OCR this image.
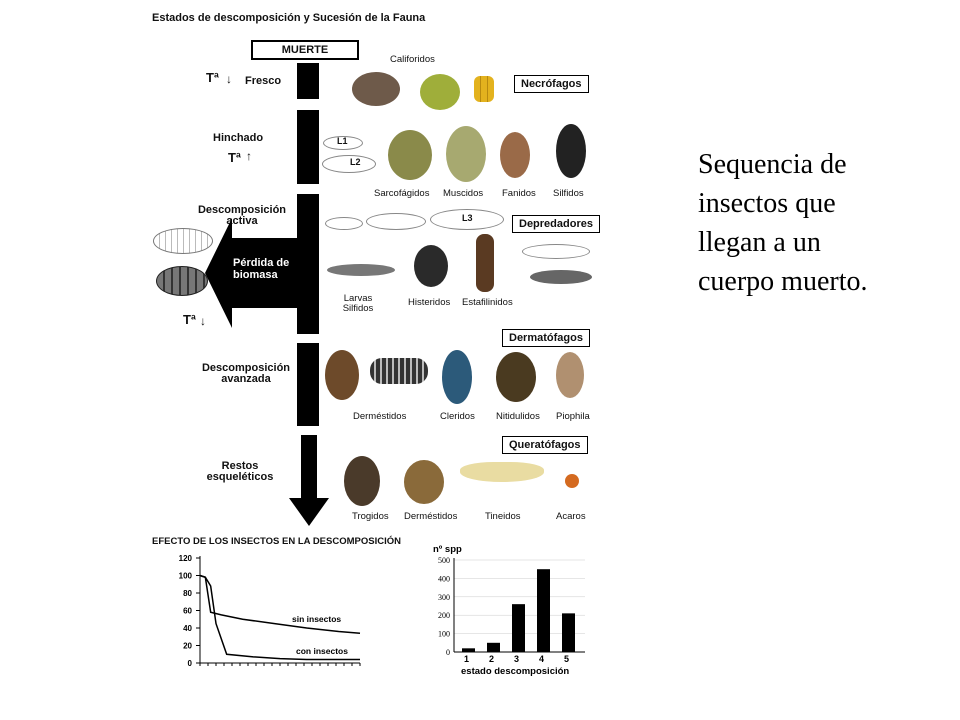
Estados de descomposición y Sucesión de la Fauna
MUERTE
Fresco
Hinchado
Descomposición activa
Descomposición avanzada
Restos esqueléticos
Tª ↓
Tª ↑
Tª ↓
Pérdida de biomasa
Califoridos
Necrófagos
L1
L2
Sarcofágidos Muscidos Fanidos Silfidos
L3	Depredadores
Larvas Silfidos
Histeridos Estafilinidos
Dermatófagos
Derméstidos	Cleridos Nitidulidos Piophila
Queratófagos
Trogidos Derméstidos	Tineidos	Acaros
EFECTO DE LOS INSECTOS EN LA DESCOMPOSICIÓN
120
100
80
60
40
20
0
sin insectos
con insectos
nº spp
500
400
300
200
100
0
1 2 3 4 5
estado descomposición
Sequencia de insectos que llegan a un cuerpo muerto.
